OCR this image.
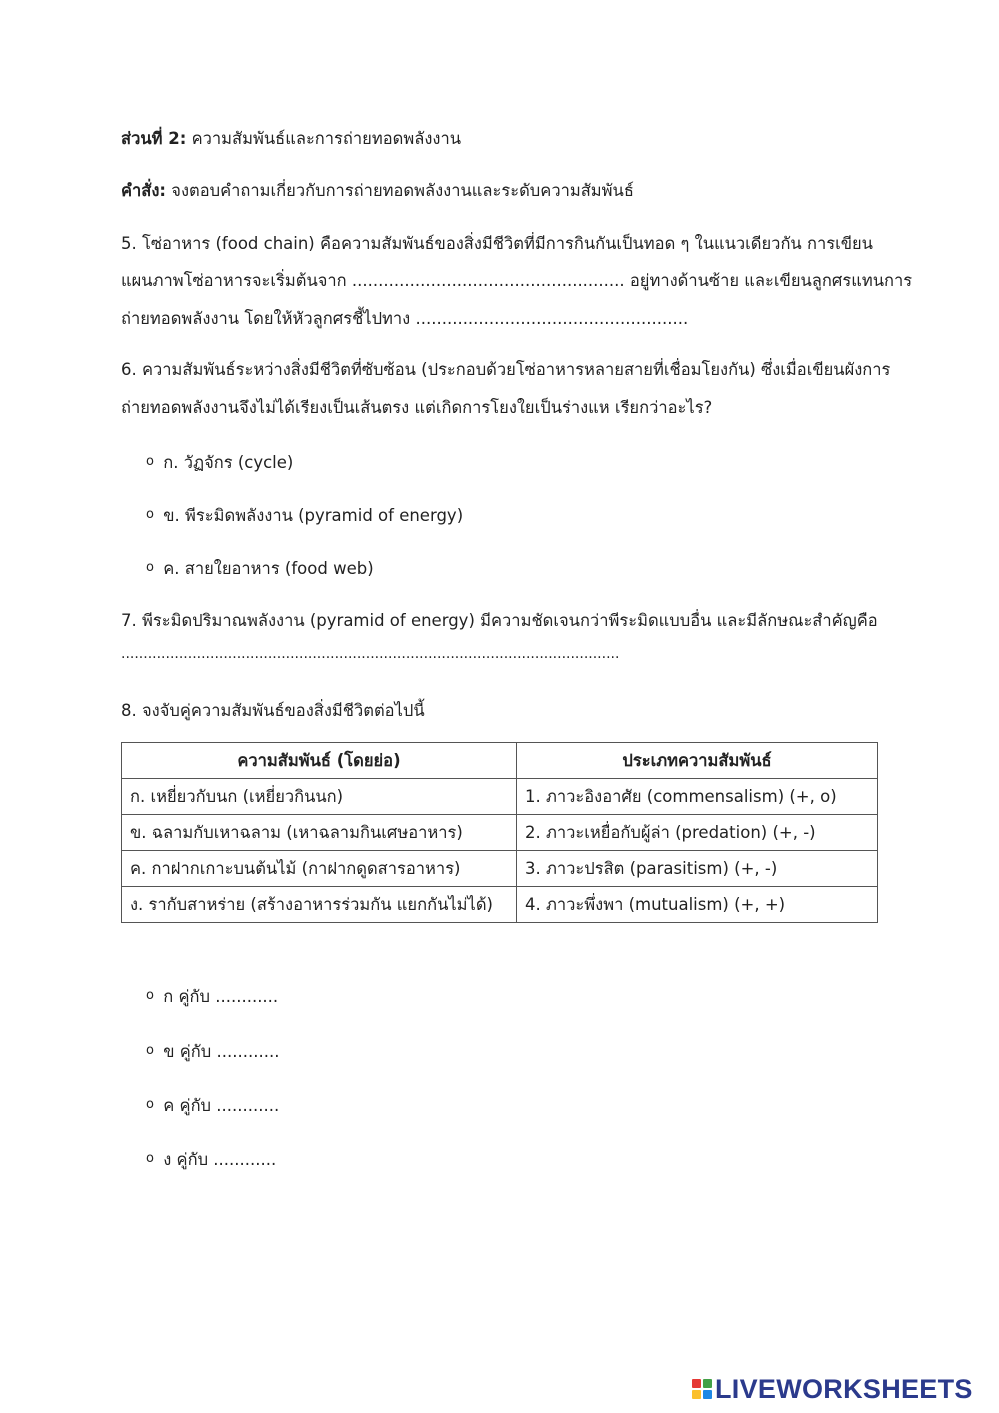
ส่วนที่ 2: ความสัมพันธ์และการถ่ายทอดพลังงาน
คำสั่ง: จงตอบคำถามเกี่ยวกับการถ่ายทอดพลังงานและระดับความสัมพันธ์
5. โซ่อาหาร (food chain) คือความสัมพันธ์ของสิ่งมีชีวิตที่มีการกินกันเป็นทอด ๆ ในแนวเดียวกัน การเขียน
แผนภาพโซ่อาหารจะเริ่มต้นจาก .................................................... อยู่ทางด้านซ้าย และเขียนลูกศรแทนการ
ถ่ายทอดพลังงาน โดยให้หัวลูกศรชี้ไปทาง ....................................................
6. ความสัมพันธ์ระหว่างสิ่งมีชีวิตที่ซับซ้อน (ประกอบด้วยโซ่อาหารหลายสายที่เชื่อมโยงกัน) ซึ่งเมื่อเขียนผังการ
ถ่ายทอดพลังงานจึงไม่ได้เรียงเป็นเส้นตรง แต่เกิดการโยงใยเป็นร่างแห เรียกว่าอะไร?
o ก. วัฏจักร (cycle)
o ข. พีระมิดพลังงาน (pyramid of energy)
o ค. สายใยอาหาร (food web)
7. พีระมิดปริมาณพลังงาน (pyramid of energy) มีความชัดเจนกว่าพีระมิดแบบอื่น และมีลักษณะสำคัญคือ
................................................................................................................
8. จงจับคู่ความสัมพันธ์ของสิ่งมีชีวิตต่อไปนี้
ความสัมพันธ์ (โดยย่อ)	ประเภทความสัมพันธ์
ก. เหยี่ยวกับนก (เหยี่ยวกินนก)	1. ภาวะอิงอาศัย (commensalism) (+, o)
ข. ฉลามกับเหาฉลาม (เหาฉลามกินเศษอาหาร)	2. ภาวะเหยื่อกับผู้ล่า (predation) (+, -)
ค. กาฝากเกาะบนต้นไม้ (กาฝากดูดสารอาหาร)	3. ภาวะปรสิต (parasitism) (+, -)
ง. รากับสาหร่าย (สร้างอาหารร่วมกัน แยกกันไม่ได้)	4. ภาวะพึ่งพา (mutualism) (+, +)
o ก คู่กับ ............
o ข คู่กับ ............
o ค คู่กับ ............
o ง คู่กับ ............
LIVEWORKSHEETS
